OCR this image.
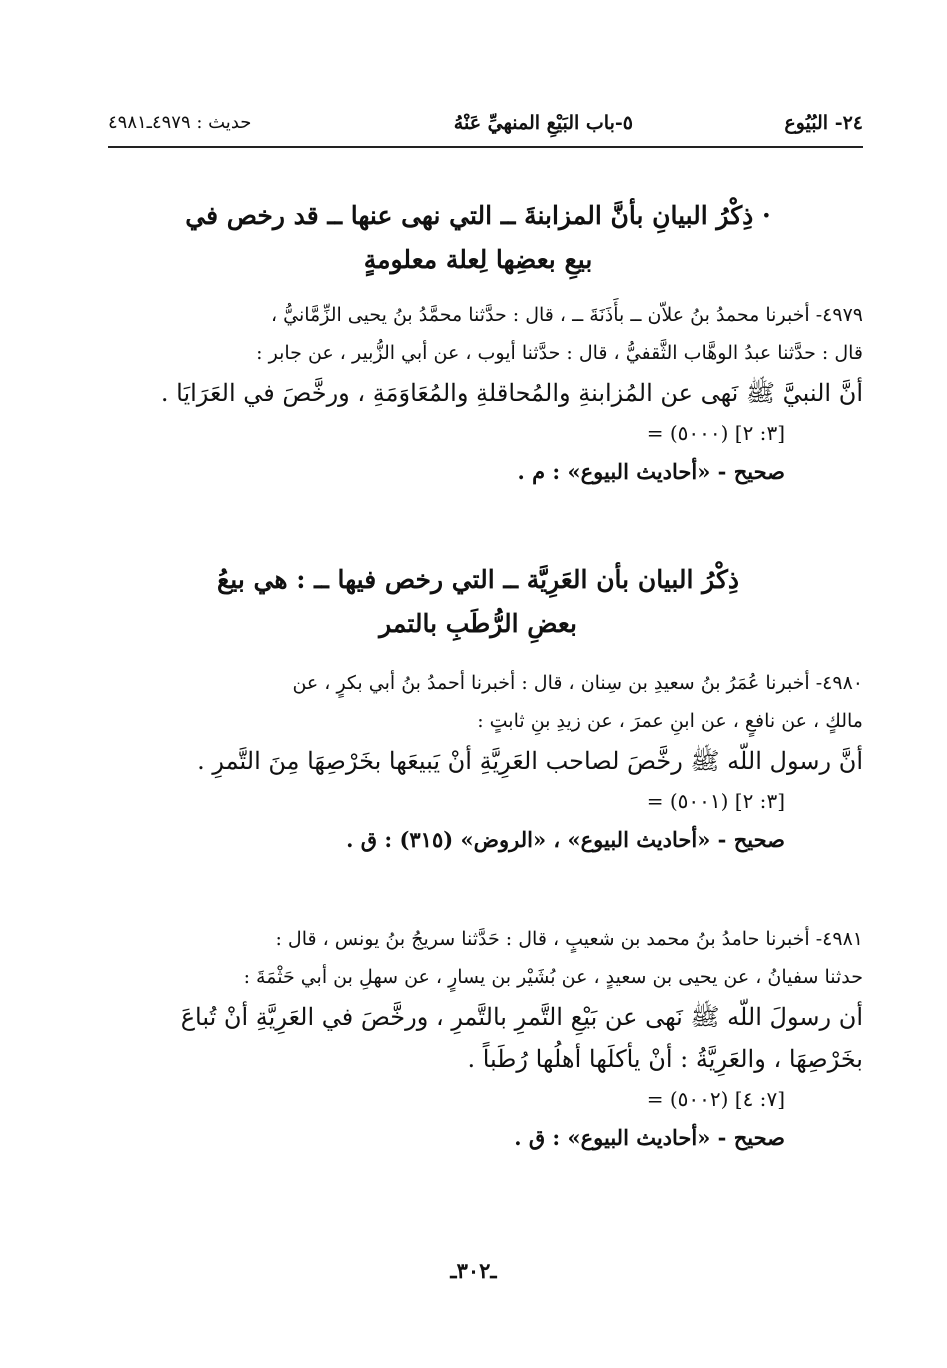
٢٤- البُيُوع
٥-باب البَيْعِ المنهيِّ عَنْهُ
حديث : ٤٩٧٩ـ٤٩٨١
· ذِكْرُ البيانِ بأنَّ المزابنةَ ــ التي نهى عنها ــ قد رخص في
بيعِ بعضِها لِعلة معلومةٍ
٤٩٧٩- أخبرنا محمدُ بنُ علاّن ــ بأَذَنَةَ ــ ، قال : حدَّثنا محمَّدُ بنُ يحيى الزِّمَّانيُّ ،
قال : حدَّثنا عبدُ الوهَّاب الثَّقفيُّ ، قال : حدَّثنا أيوب ، عن أبي الزُّبير ، عن جابر :
أنَّ النبيَّ ﷺ نَهى عن المُزابنةِ والمُحاقلةِ والمُعَاوَمَةِ ، ورخَّصَ في العَرَايَا .
= (٥٠٠٠) [٣: ٢]
صحيح - «أحاديث البيوع» : م .
ذِكْرُ البيان بأن العَرِيَّة ــ التي رخص فيها ــ : هي بيعُ
بعضِ الرُّطَبِ بالتمر
٤٩٨٠- أخبرنا عُمَرُ بنُ سعيدِ بن سِنان ، قال : أخبرنا أحمدُ بنُ أبي بكرٍ ، عن
مالكٍ ، عن نافعٍ ، عن ابنِ عمرَ ، عن زيدِ بنِ ثابتٍ :
أنَّ رسول اللّه ﷺ رخَّصَ لصاحب العَرِيَّةِ أنْ يَبيعَها بخَرْصِهَا مِنَ التَّمرِ .
= (٥٠٠١) [٣: ٢]
صحيح - «أحاديث البيوع» ، «الروض» (٣١٥) : ق .
٤٩٨١- أخبرنا حامدُ بنُ محمد بن شعيبٍ ، قال : حَدَّثنا سريجُ بنُ يونس ، قال :
حدثنا سفيانُ ، عن يحيى بن سعيدٍ ، عن بُشَيْر بن يسارٍ ، عن سهلِ بن أبي حَثْمَةَ :
أن رسولَ اللّه ﷺ نَهى عن بَيْعِ التَّمرِ بالتَّمرِ ، ورخَّصَ في العَرِيَّةِ أنْ تُباعَ
بخَرْصِهَا ، والعَرِيَّةُ : أنْ يأكلَها أهلُها رُطَباً .
= (٥٠٠٢) [٧: ٤]
صحيح - «أحاديث البيوع» : ق .
ـ٣٠٢ـ
